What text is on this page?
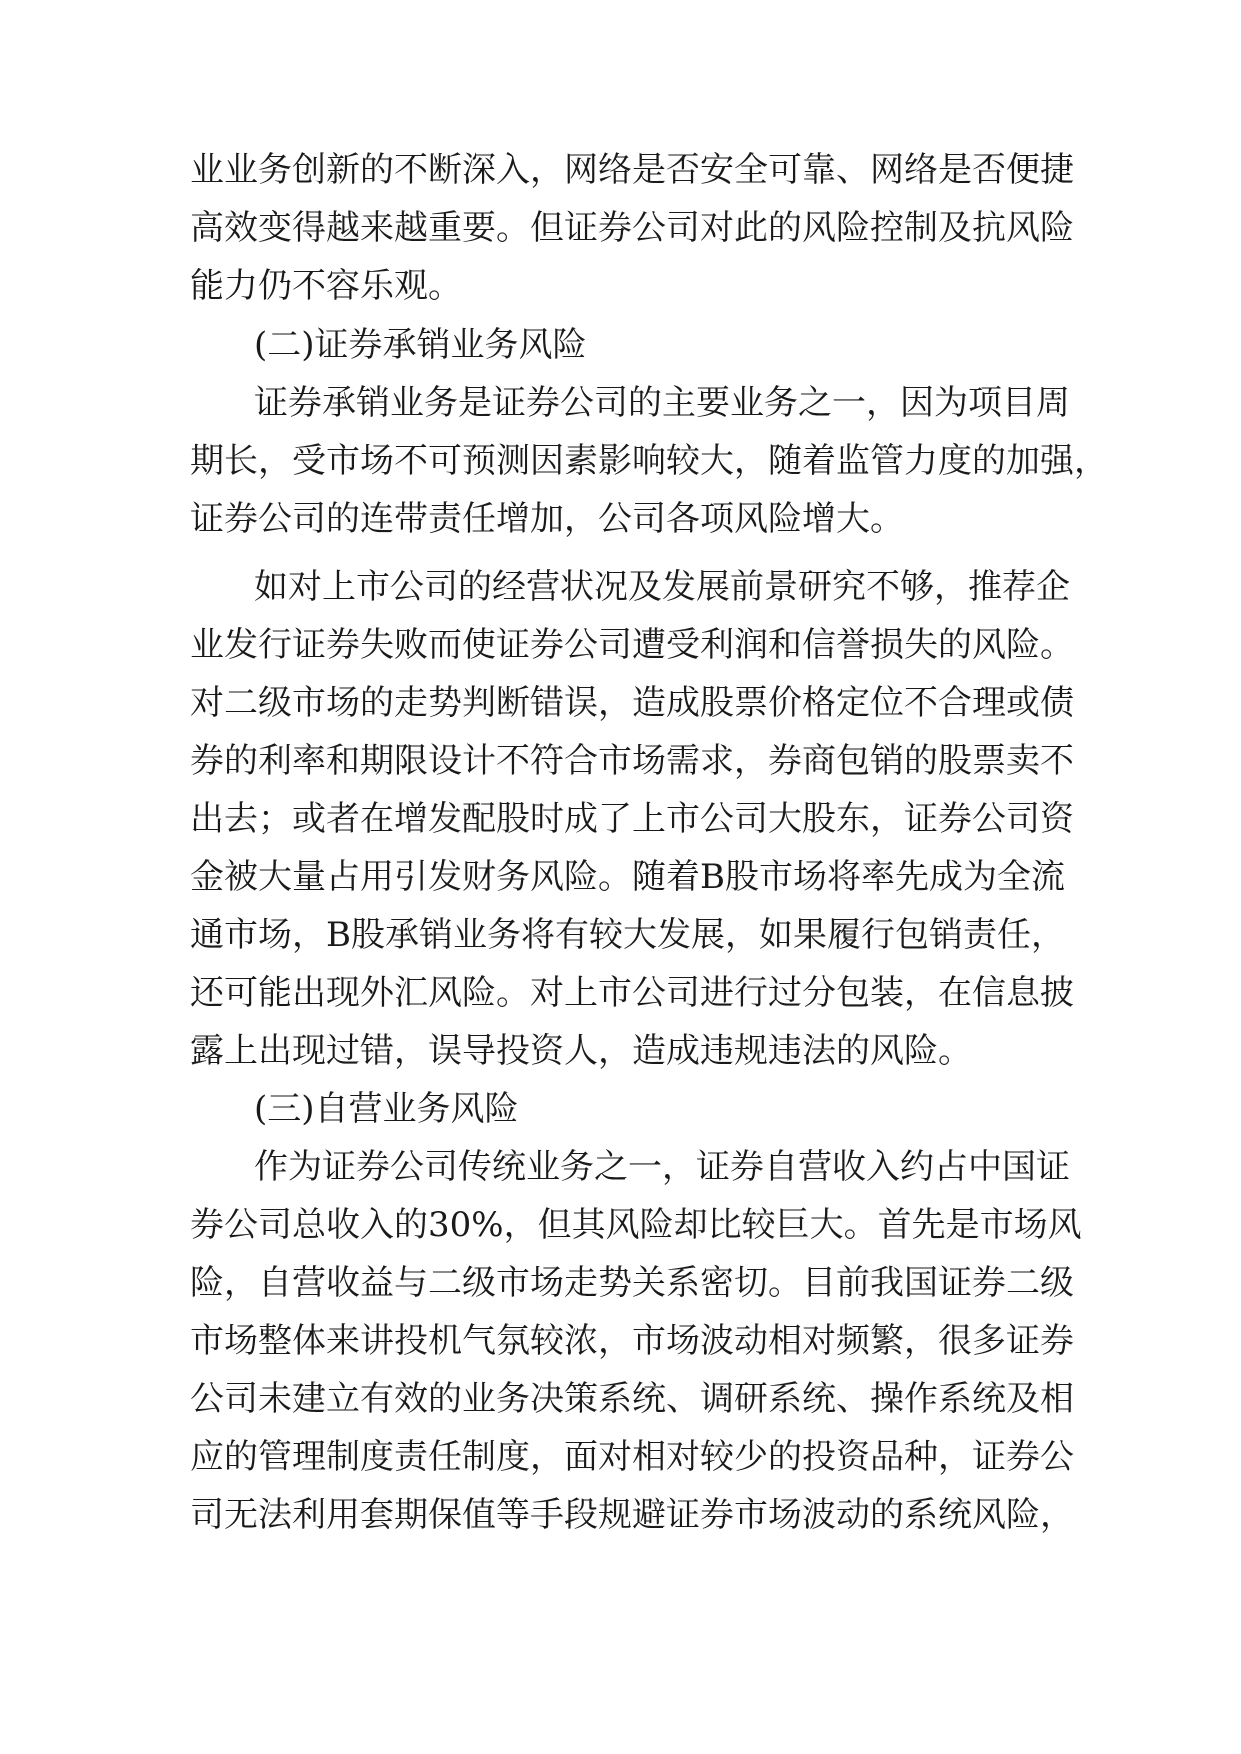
业业务创新的不断深入，网络是否安全可靠、网络是否便捷
高效变得越来越重要。但证券公司对此的风险控制及抗风险
能力仍不容乐观。
(二)证券承销业务风险
证券承销业务是证券公司的主要业务之一，因为项目周
期长，受市场不可预测因素影响较大，随着监管力度的加强，
证券公司的连带责任增加，公司各项风险增大。
如对上市公司的经营状况及发展前景研究不够，推荐企
业发行证券失败而使证券公司遭受利润和信誉损失的风险。
对二级市场的走势判断错误，造成股票价格定位不合理或债
券的利率和期限设计不符合市场需求，券商包销的股票卖不
出去；或者在增发配股时成了上市公司大股东，证券公司资
金被大量占用引发财务风险。随着B股市场将率先成为全流
通市场，B股承销业务将有较大发展，如果履行包销责任，
还可能出现外汇风险。对上市公司进行过分包装，在信息披
露上出现过错，误导投资人，造成违规违法的风险。
(三)自营业务风险
作为证券公司传统业务之一，证券自营收入约占中国证
券公司总收入的30%，但其风险却比较巨大。首先是市场风
险，自营收益与二级市场走势关系密切。目前我国证券二级
市场整体来讲投机气氛较浓，市场波动相对频繁，很多证券
公司未建立有效的业务决策系统、调研系统、操作系统及相
应的管理制度责任制度，面对相对较少的投资品种，证券公
司无法利用套期保值等手段规避证券市场波动的系统风险，
